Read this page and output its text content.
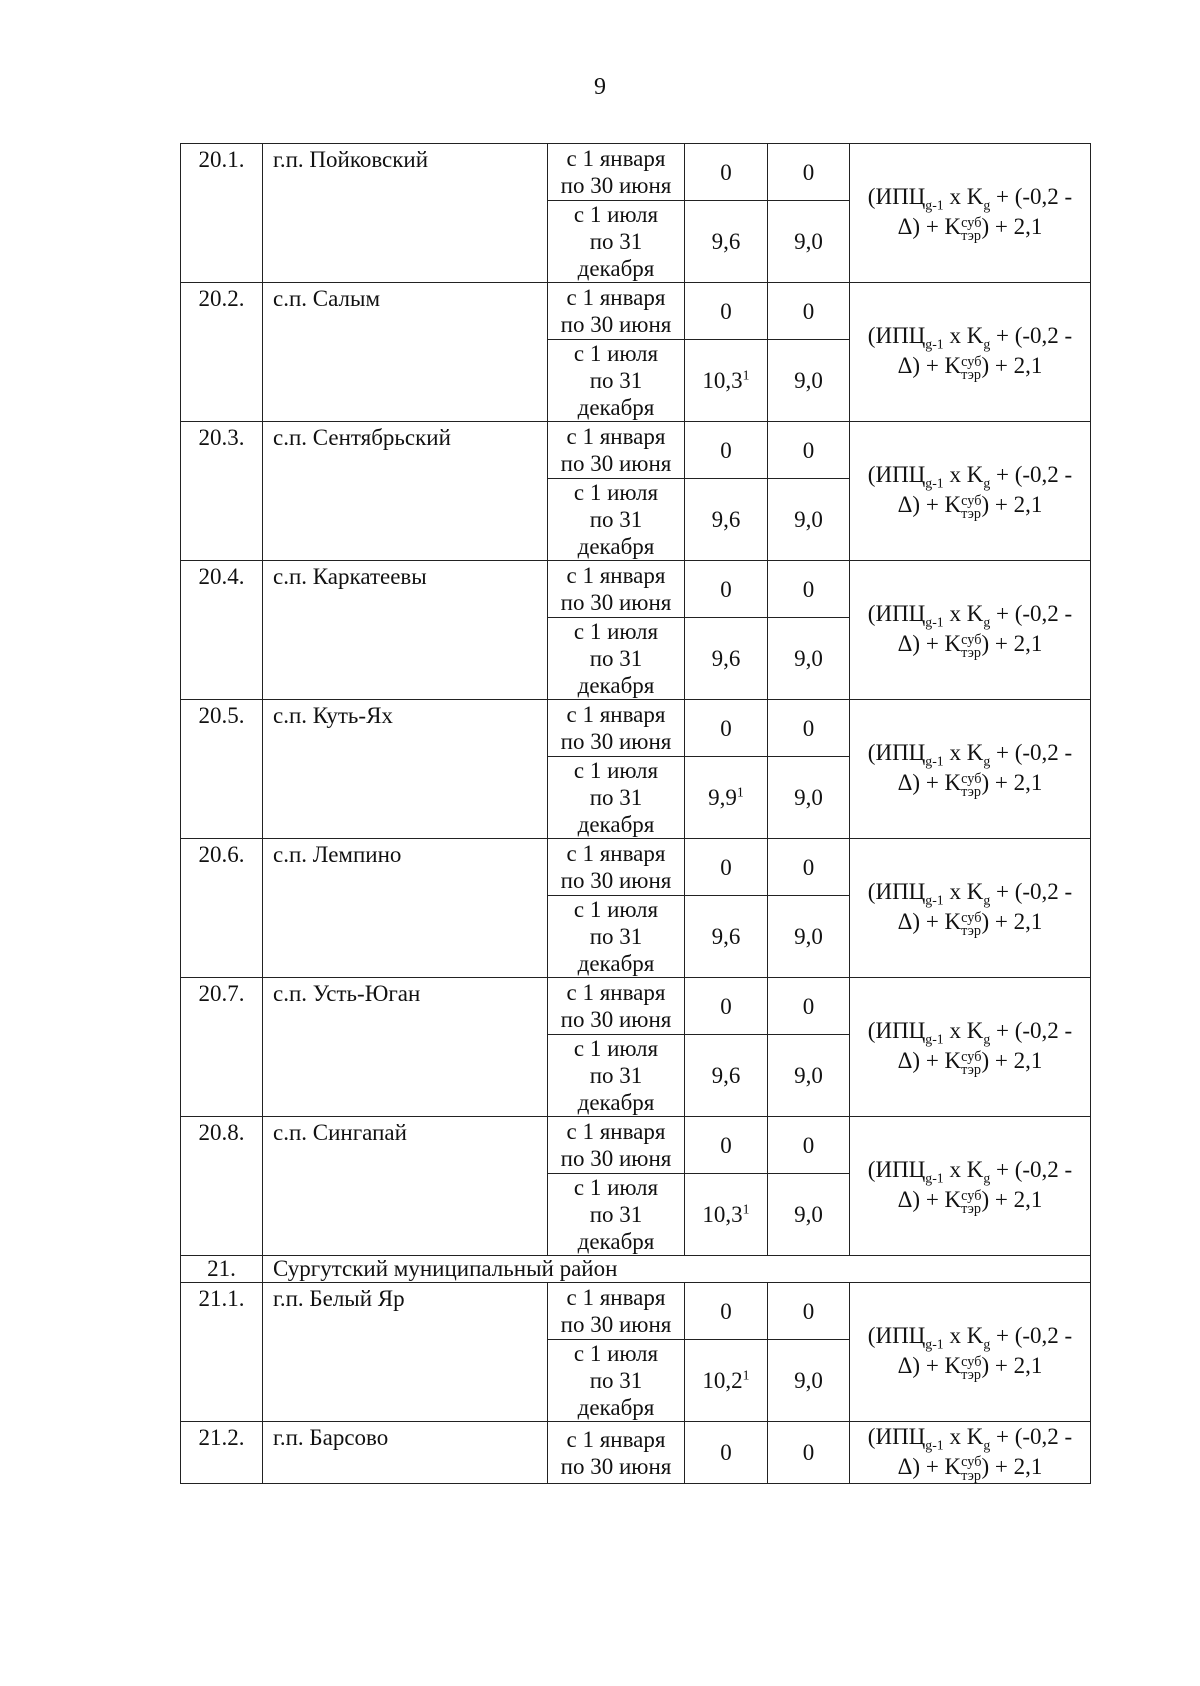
9
20.1.	г.п. Пойковский	с 1 января
по 30 июня	0	0	($ИПЦ_{g-1}$ x $K_g + (-0,2$ -
Δ) + K суб
тэр ) + 2,1
		с 1 июля
по 31
декабря	9,6	9,0	
20.2.	с.п. Салым	с 1 января
по 30 июня	0	0	($ИПЦ_{g-1}$ x $K_g + (-0,2$ -
Δ) + K суб
тэр ) + 2,1
		с 1 июля
по 31
декабря	10,3$^1$	9,0	
20.3.	с.п. Сентябрьский	с 1 января
по 30 июня	0	0	($ИПЦ_{g-1}$ x $K_g + (-0,2$ -
Δ) + K суб
тэр ) + 2,1
		с 1 июля
по 31
декабря	9,6	9,0	
20.4.	с.п. Каркатеевы	с 1 января
по 30 июня	0	0	($ИПЦ_{g-1}$ x $K_g + (-0,2$ -
Δ) + K суб
тэр ) + 2,1
		с 1 июля
по 31
декабря	9,6	9,0	
20.5.	с.п. Куть-Ях	с 1 января
по 30 июня	0	0	($ИПЦ_{g-1}$ x $K_g + (-0,2$ -
Δ) + K суб
тэр ) + 2,1
		с 1 июля
по 31
декабря	$9,9^1$	9,0	
20.6.	с.п. Лемпино	с 1 января
по 30 июня	0	0	($ИПЦ_{g-1}$ x $K_g + (-0,2$ -
Δ) + K суб
тэр ) + 2,1
		с 1 июля
по 31
декабря	9,6	9,0	
20.7.	с.п. Усть-Юган	с 1 января
по 30 июня	0	0	($ИПЦ_{g-1}$ x $K_g + (-0,2$ -
Δ) + K суб
тэр ) + 2,1
		с 1 июля
по 31
декабря	9,6	9,0	
20.8.	с.п. Сингапай	с 1 января
по 30 июня	0	0	($ИПЦ_{g-1}$ x $K_g + (-0,2$ -
Δ) + K суб
тэр ) + 2,1
		с 1 июля
по 31
декабря	10,3$^1$	9,0	
21.	Сургутский муниципальный район				
21.1.	г.п. Белый Яр	с 1 января
по 30 июня	0	0	($ИПЦ_{g-1}$ x $K_g + (-0,2$ -
Δ) + K суб
тэр ) + 2,1
		с 1 июля
по 31
декабря	10,2$^1$	9,0	
21.2.	г.п. Барсово	с 1 января
по 30 июня	0	0	($ИПЦ_{g-1}$ x $K_g + (-0,2$ -
Δ) + K суб
тэр ) + 2,1
